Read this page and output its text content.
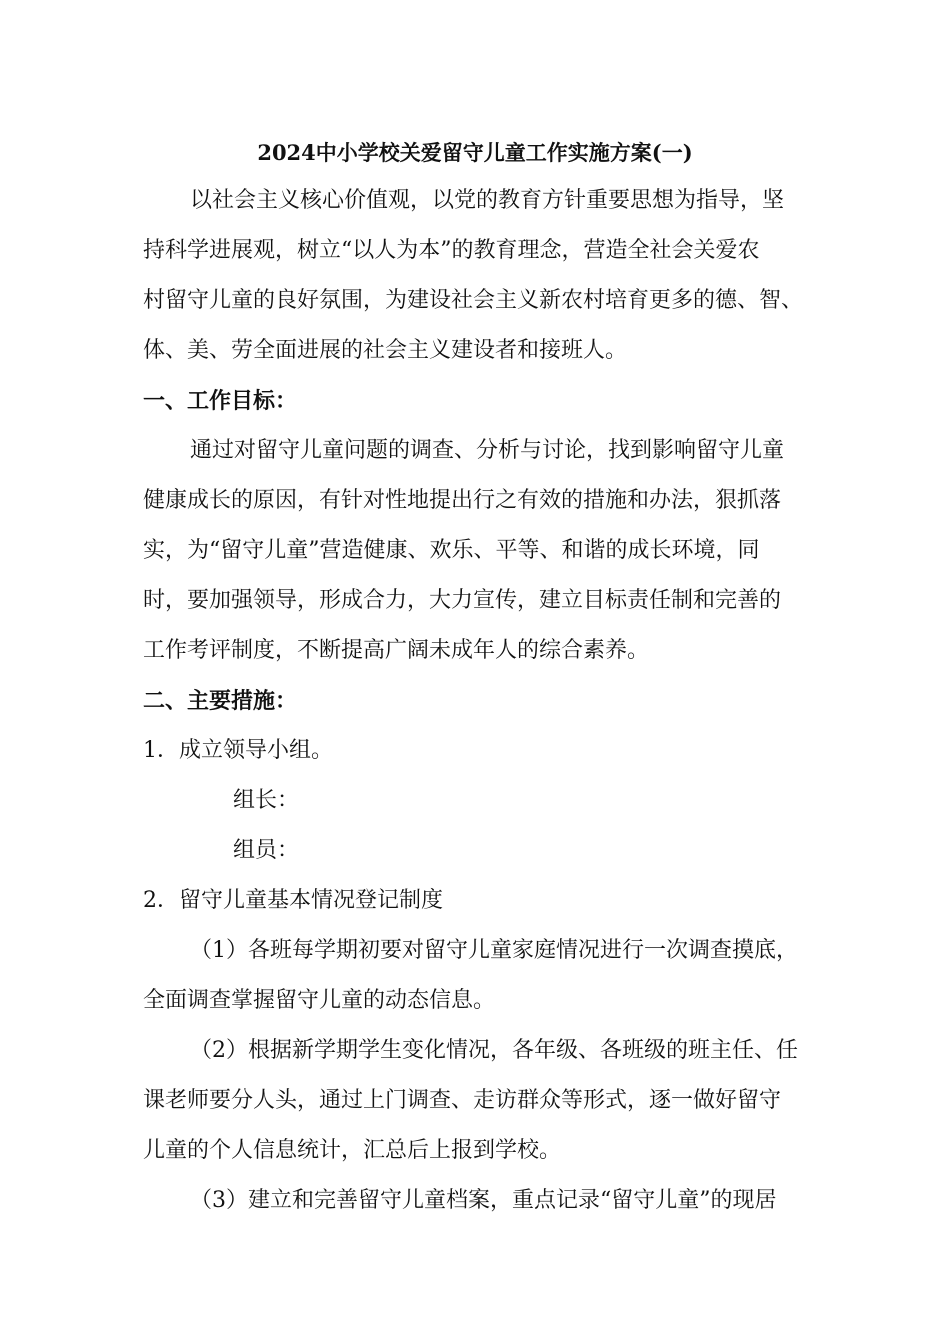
2024中小学校关爱留守儿童工作实施方案(一)
以社会主义核心价值观，以党的教育方针重要思想为指导，坚
持科学进展观，树立“以人为本”的教育理念，营造全社会关爱农
村留守儿童的良好氛围，为建设社会主义新农村培育更多的德、智、
体、美、劳全面进展的社会主义建设者和接班人。
一、工作目标：
通过对留守儿童问题的调查、分析与讨论，找到影响留守儿童
健康成长的原因，有针对性地提出行之有效的措施和办法，狠抓落
实，为“留守儿童”营造健康、欢乐、平等、和谐的成长环境，同
时，要加强领导，形成合力，大力宣传，建立目标责任制和完善的
工作考评制度，不断提高广阔未成年人的综合素养。
二、主要措施：
1．成立领导小组。
组长：
组员：
2．留守儿童基本情况登记制度
（1）各班每学期初要对留守儿童家庭情况进行一次调查摸底，
全面调查掌握留守儿童的动态信息。
（2）根据新学期学生变化情况，各年级、各班级的班主任、任
课老师要分人头，通过上门调查、走访群众等形式，逐一做好留守
儿童的个人信息统计，汇总后上报到学校。
（3）建立和完善留守儿童档案，重点记录“留守儿童”的现居
